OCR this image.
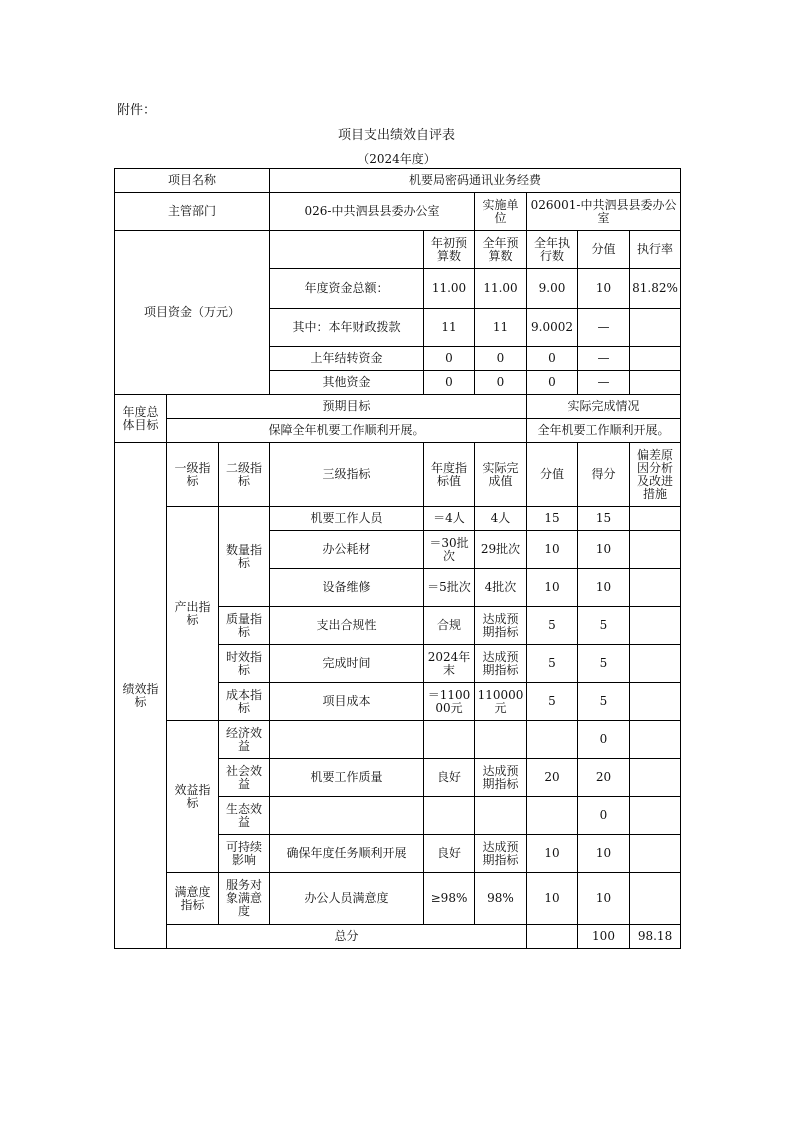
附件：
项目支出绩效自评表
（2024年度）
项目名称			机要局密码通讯业务经费						
主管部门			026-中共泗县县委办公室		实施单位	026001-中共泗县县委办公室			
项目资金（万元）				年初预算数	全年预算数	全年执行数	分值	执行率	
			年度资金总额：	11.00	11.00	9.00	10	81.82%	
			其中：本年财政拨款	11	11	9.0002	—		
			上年结转资金	0	0	0	—		
			其他资金	0	0	0	—		
年度总体目标	预期目标					实际完成情况			
	保障全年机要工作顺利开展。					全年机要工作顺利开展。			
绩效指标	一级指标	二级指标	三级指标	年度指标值	实际完成值	分值	得分	偏差原因分析及改进措施	
	产出指标	数量指标	机要工作人员	＝4人	4人	15	15		
			办公耗材	＝30批次	29批次	10	10		
			设备维修	＝5批次	4批次	10	10		
		质量指标	支出合规性	合规	达成预期指标	5	5		
		时效指标	完成时间	2024年末	达成预期指标	5	5		
		成本指标	项目成本	＝110000元	110000元	5	5		
	效益指标	经济效益					0		
		社会效益	机要工作质量	良好	达成预期指标	20	20		
		生态效益					0		
		可持续影响	确保年度任务顺利开展	良好	达成预期指标	10	10		
	满意度指标	服务对象满意度	办公人员满意度	≥98%	98%	10	10		
	总分						100	98.18	
